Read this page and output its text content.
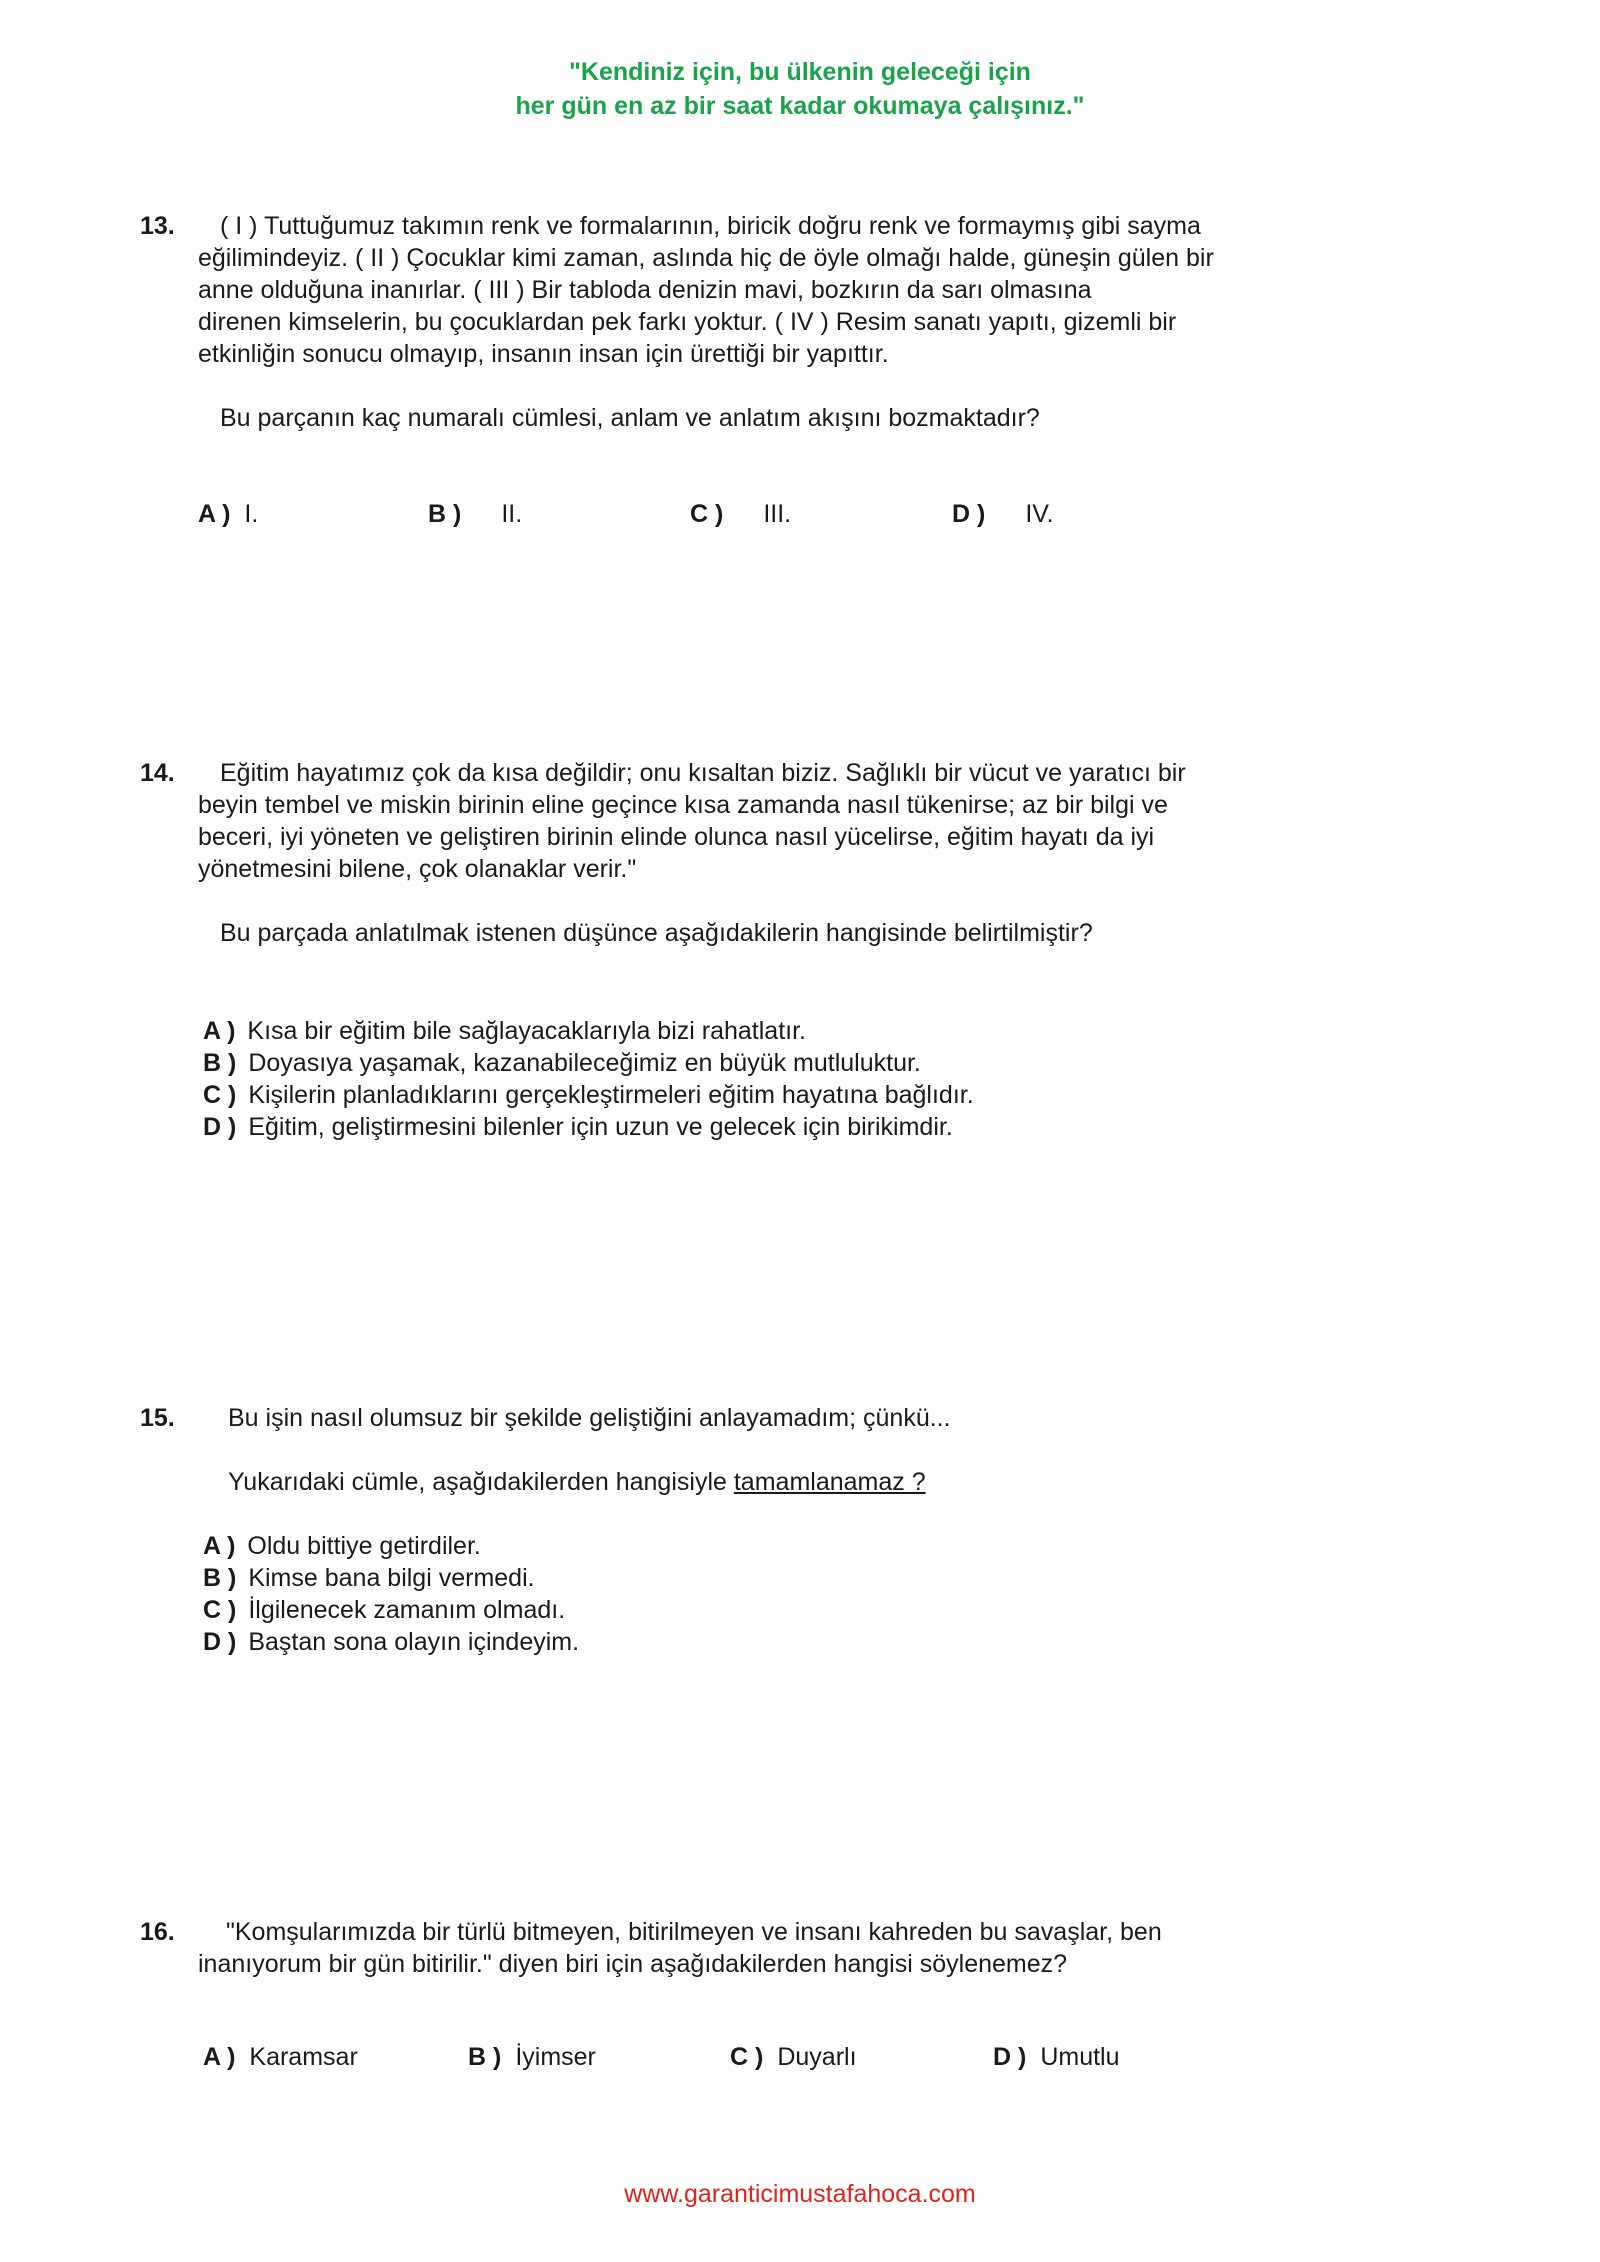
"Kendiniz için, bu ülkenin geleceği için
her gün en az bir saat kadar okumaya çalışınız."
13. ( I ) Tuttuğumuz takımın renk ve formalarının, biricik doğru renk ve formaymış gibi sayma

eğilimindeyiz. ( II ) Çocuklar kimi zaman, aslında hiç de öyle olmağı halde, güneşin gülen bir

anne olduğuna inanırlar. ( III ) Bir tabloda denizin mavi, bozkırın da sarı olmasına

direnen kimselerin, bu çocuklardan pek farkı yoktur. ( IV ) Resim sanatı yapıtı, gizemli bir

etkinliğin sonucu olmayıp, insanın insan için ürettiği bir yapıttır.

Bu parçanın kaç numaralı cümlesi, anlam ve anlatım akışını bozmaktadır?

A ) I.	B ) II.	C ) III.	D ) IV.
14. Eğitim hayatımız çok da kısa değildir; onu kısaltan biziz. Sağlıklı bir vücut ve yaratıcı bir

beyin tembel ve miskin birinin eline geçince kısa zamanda nasıl tükenirse; az bir bilgi ve

beceri, iyi yöneten ve geliştiren birinin elinde olunca nasıl yücelirse, eğitim hayatı da iyi

yönetmesini bilene, çok olanaklar verir."

Bu parçada anlatılmak istenen düşünce aşağıdakilerin hangisinde belirtilmiştir?

A ) Kısa bir eğitim bile sağlayacaklarıyla bizi rahatlatır.
B ) Doyasıya yaşamak, kazanabileceğimiz en büyük mutluluktur.
C ) Kişilerin planladıklarını gerçekleştirmeleri eğitim hayatına bağlıdır.
D ) Eğitim, geliştirmesini bilenler için uzun ve gelecek için birikimdir.
15. Bu işin nasıl olumsuz bir şekilde geliştiğini anlayamadım; çünkü...

Yukarıdaki cümle, aşağıdakilerden hangisiyle tamamlanamaz ?

A ) Oldu bittiye getirdiler.
B ) Kimse bana bilgi vermedi.
C ) İlgilenecek zamanım olmadı.
D ) Baştan sona olayın içindeyim.
16. "Komşularımızda bir türlü bitmeyen, bitirilmeyen ve insanı kahreden bu savaşlar, ben

inanıyorum bir gün bitirilir." diyen biri için aşağıdakilerden hangisi söylenemez?

A ) Karamsar	B ) İyimser	C ) Duyarlı	D ) Umutlu
www.garanticimustafahoca.com
